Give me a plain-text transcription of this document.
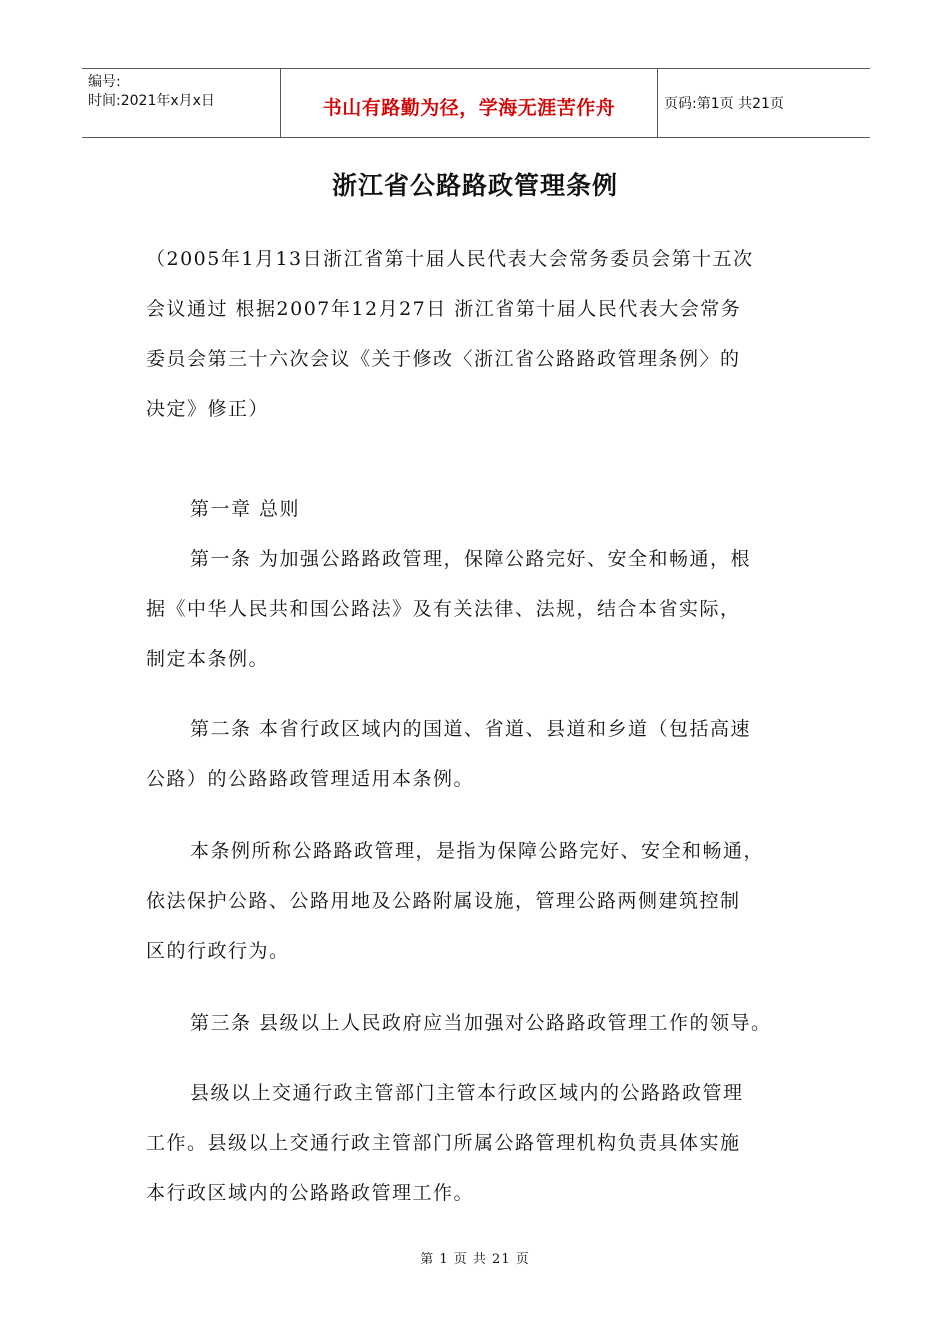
编号:
时间:2021年x月x日	书山有路勤为径，学海无涯苦作舟	页码:第1页 共21页
浙江省公路路政管理条例
（2005年1月13日浙江省第十届人民代表大会常务委员会第十五次
会议通过 根据2007年12月27日 浙江省第十届人民代表大会常务
委员会第三十六次会议《关于修改〈浙江省公路路政管理条例〉的
决定》修正）
第一章 总则
第一条 为加强公路路政管理，保障公路完好、安全和畅通，根
据《中华人民共和国公路法》及有关法律、法规，结合本省实际，
制定本条例。
第二条 本省行政区域内的国道、省道、县道和乡道（包括高速
公路）的公路路政管理适用本条例。
本条例所称公路路政管理，是指为保障公路完好、安全和畅通，
依法保护公路、公路用地及公路附属设施，管理公路两侧建筑控制
区的行政行为。
第三条 县级以上人民政府应当加强对公路路政管理工作的领导。
县级以上交通行政主管部门主管本行政区域内的公路路政管理
工作。县级以上交通行政主管部门所属公路管理机构负责具体实施
本行政区域内的公路路政管理工作。
第 1 页 共 21 页
